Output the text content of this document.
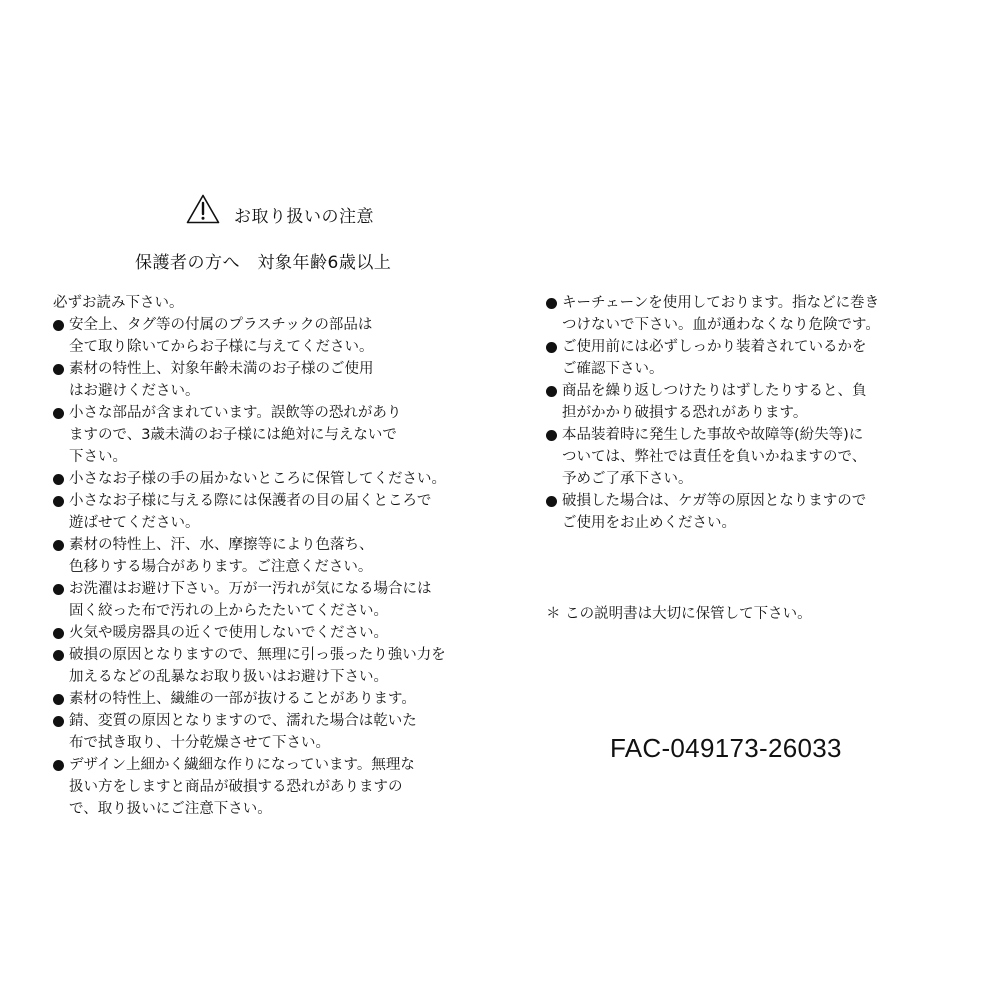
お取り扱いの注意
保護者の方へ　対象年齢6歳以上
必ずお読み下さい。
安全上、タグ等の付属のプラスチックの部品は
全て取り除いてからお子様に与えてください。
素材の特性上、対象年齢未満のお子様のご使用
はお避けください。
小さな部品が含まれています。誤飲等の恐れがあり
ますので、3歳未満のお子様には絶対に与えないで
下さい。
小さなお子様の手の届かないところに保管してください。
小さなお子様に与える際には保護者の目の届くところで
遊ばせてください。
素材の特性上、汗、水、摩擦等により色落ち、
色移りする場合があります。ご注意ください。
お洗濯はお避け下さい。万が一汚れが気になる場合には
固く絞った布で汚れの上からたたいてください。
火気や暖房器具の近くで使用しないでください。
破損の原因となりますので、無理に引っ張ったり強い力を
加えるなどの乱暴なお取り扱いはお避け下さい。
素材の特性上、繊維の一部が抜けることがあります。
錆、変質の原因となりますので、濡れた場合は乾いた
布で拭き取り、十分乾燥させて下さい。
デザイン上細かく繊細な作りになっています。無理な
扱い方をしますと商品が破損する恐れがありますの
で、取り扱いにご注意下さい。
キーチェーンを使用しております。指などに巻き
つけないで下さい。血が通わなくなり危険です。
ご使用前には必ずしっかり装着されているかを
ご確認下さい。
商品を繰り返しつけたりはずしたりすると、負
担がかかり破損する恐れがあります。
本品装着時に発生した事故や故障等(紛失等)に
ついては、弊社では責任を負いかねますので、
予めご了承下さい。
破損した場合は、ケガ等の原因となりますので
ご使用をお止めください。
＊ この説明書は大切に保管して下さい。
FAC-049173-26033
